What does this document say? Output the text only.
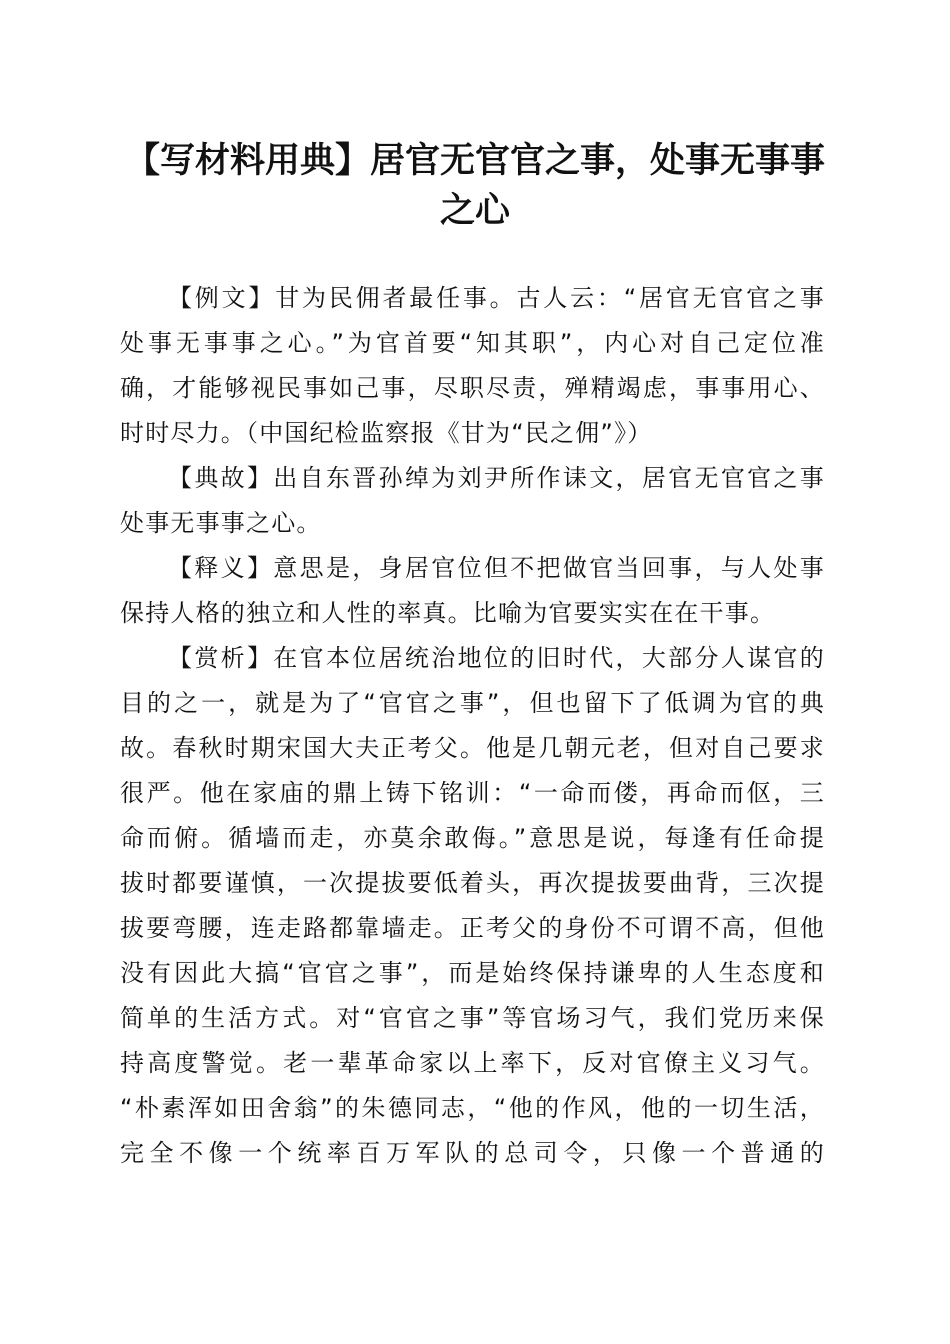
【写材料用典】居官无官官之事，处事无事事之心
【例文】甘为民佣者最任事。古人云：“居官无官官之事
处事无事事之心。”为官首要“知其职”，内心对自己定位准
确，才能够视民事如己事，尽职尽责，殚精竭虑，事事用心、
时时尽力。（中国纪检监察报《甘为“民之佣”》）
【典故】出自东晋孙绰为刘尹所作诔文，居官无官官之事
处事无事事之心。
【释义】意思是，身居官位但不把做官当回事，与人处事
保持人格的独立和人性的率真。比喻为官要实实在在干事。
【赏析】在官本位居统治地位的旧时代，大部分人谋官的
目的之一，就是为了“官官之事”，但也留下了低调为官的典
故。春秋时期宋国大夫正考父。他是几朝元老，但对自己要求
很严。他在家庙的鼎上铸下铭训：“一命而偻，再命而伛，三
命而俯。循墙而走，亦莫余敢侮。”意思是说，每逢有任命提
拔时都要谨慎，一次提拔要低着头，再次提拔要曲背，三次提
拔要弯腰，连走路都靠墙走。正考父的身份不可谓不高，但他
没有因此大搞“官官之事”，而是始终保持谦卑的人生态度和
简单的生活方式。对“官官之事”等官场习气，我们党历来保
持高度警觉。老一辈革命家以上率下，反对官僚主义习气。
“朴素浑如田舍翁”的朱德同志，“他的作风，他的一切生活，
完全不像一个统率百万军队的总司令，只像一个普通的
